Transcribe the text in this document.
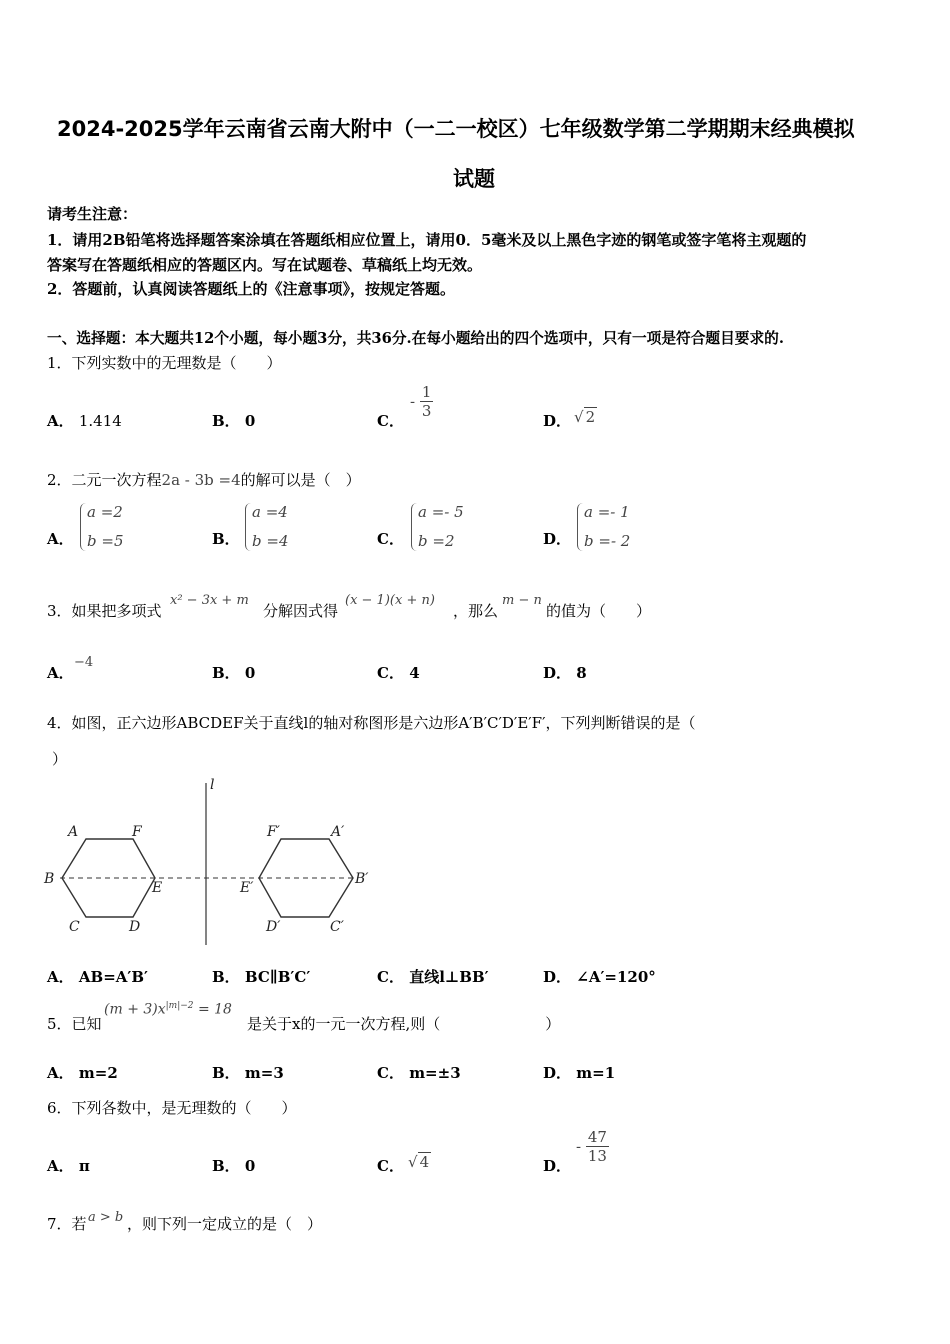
2024-2025学年云南省云南大附中（一二一校区）七年级数学第二学期期末经典模拟
试题
请考生注意：
1．请用2B铅笔将选择题答案涂填在答题纸相应位置上，请用0．5毫米及以上黑色字迹的钢笔或签字笔将主观题的
答案写在答题纸相应的答题区内。写在试题卷、草稿纸上均无效。
2．答题前，认真阅读答题纸上的《注意事项》，按规定答题。
一、选择题：本大题共12个小题，每小题3分，共36分.在每小题给出的四个选项中，只有一项是符合题目要求的.
1．下列实数中的无理数是（　　）
A． 1.414	B． 0	C．
- $\frac{1}{3}$
D． √ 2
2．二元一次方程2a - 3b =4的解可以是（　）
A．
a =2
b =5	B．
a =4
b =4	C．
a =- 5
b =2	D．
a =- 1
b =- 2
3．如果把多项式
x² − 3x + m
分解因式得
(x − 1)(x + n)
，那么
m − n
的值为（　　）
A．
−4
B． 0	C． 4	D． 8
4．如图，正六边形ABCDEF关于直线l的轴对称图形是六边形A′B′C′D′E′F′，下列判断错误的是（
）
l
A	F
B
E
C	D
F′	A′
E′
B′
D′	C′
A． AB=A′B′	B． BC∥B′C′	C． 直线l⊥BB′	D． ∠A′=120°
5．已知
$(m + 3)x^{|m|-2} = 18$
是关于x的一元一次方程,则（　　　　　　　）
A． m=2	B． m=3	C． m=±3	D． m=1
6．下列各数中，是无理数的（　　）
A． π	B． 0	C． √ 4	D．
- $\frac{47}{13}$
7．若 a > b ，则下列一定成立的是（　）
